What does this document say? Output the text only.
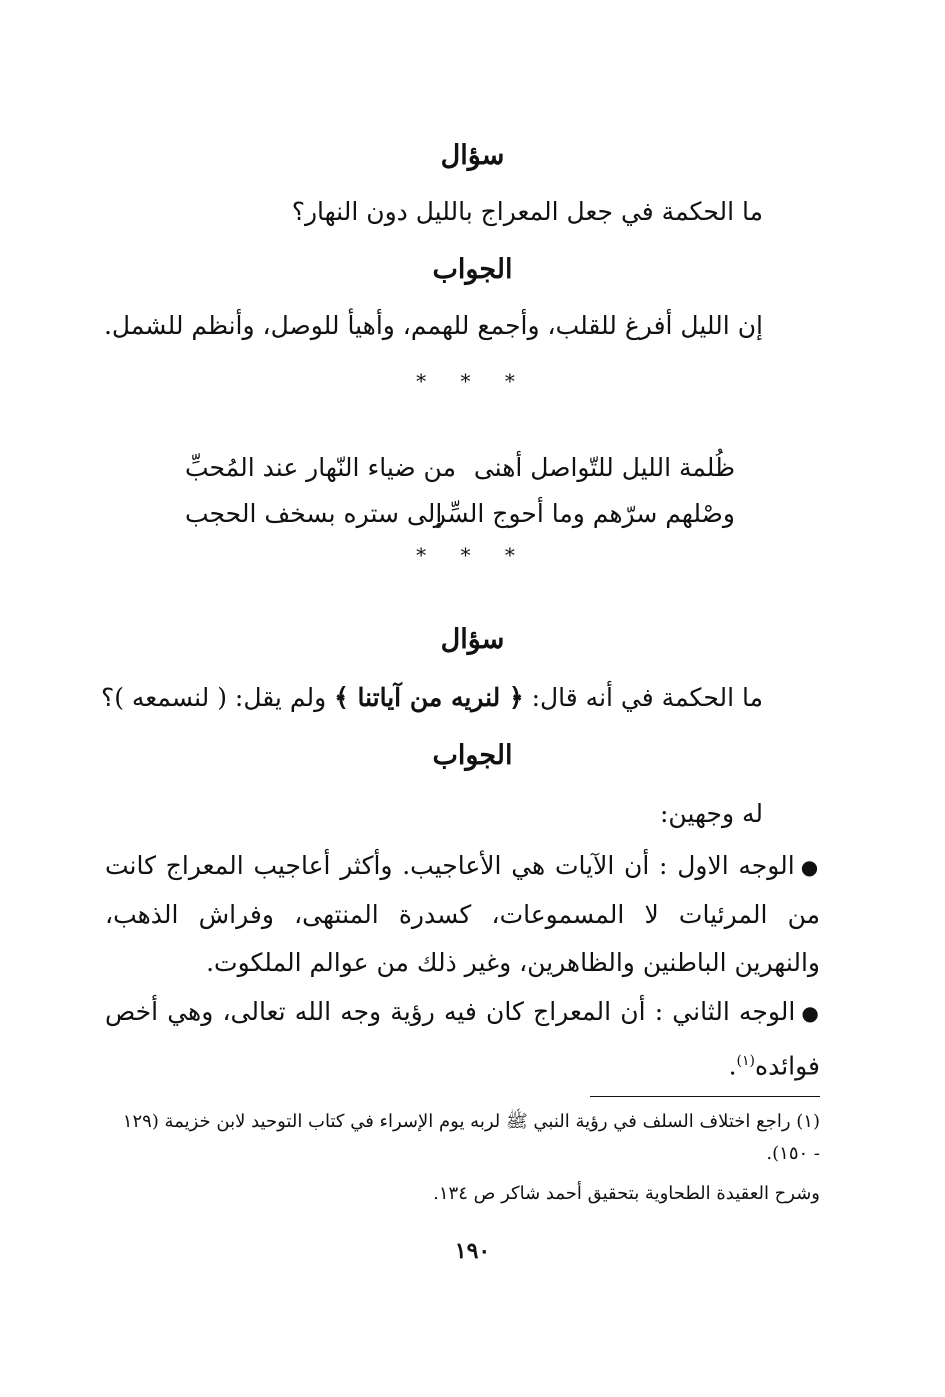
سؤال

ما الحكمة في جعل المعراج بالليل دون النهار؟

الجواب

إن الليل أفرغ للقلب، وأجمع للهمم، وأهيأ للوصل، وأنظم للشمل.

* * *
ظُلمة الليل للتّواصل أهنى
من ضياء النّهار عند المُحبِّ
وصْلهم سرّهم وما أحوج السِّر
إلى ستره بسخف الحجب
* * *
سؤال

ما الحكمة في أنه قال: ﴿ لنريه من آياتنا ﴾ ولم يقل: ( لنسمعه )؟

الجواب

له وجهين:

●الوجه الاول : أن الآيات هي الأعاجيب. وأكثر أعاجيب المعراج كانت من المرئيات لا المسموعات، كسدرة المنتهى، وفراش الذهب، والنهرين الباطنين والظاهرين، وغير ذلك من عوالم الملكوت.

●الوجه الثاني : أن المعراج كان فيه رؤية وجه الله تعالى، وهي أخص فوائده$^{(١)}$.

(١) راجع اختلاف السلف في رؤية النبي ﷺ لربه يوم الإسراء في كتاب التوحيد لابن خزيمة (١٢٩ - ١٥٠).

وشرح العقيدة الطحاوية بتحقيق أحمد شاكر ص ١٣٤.

١٩٠
